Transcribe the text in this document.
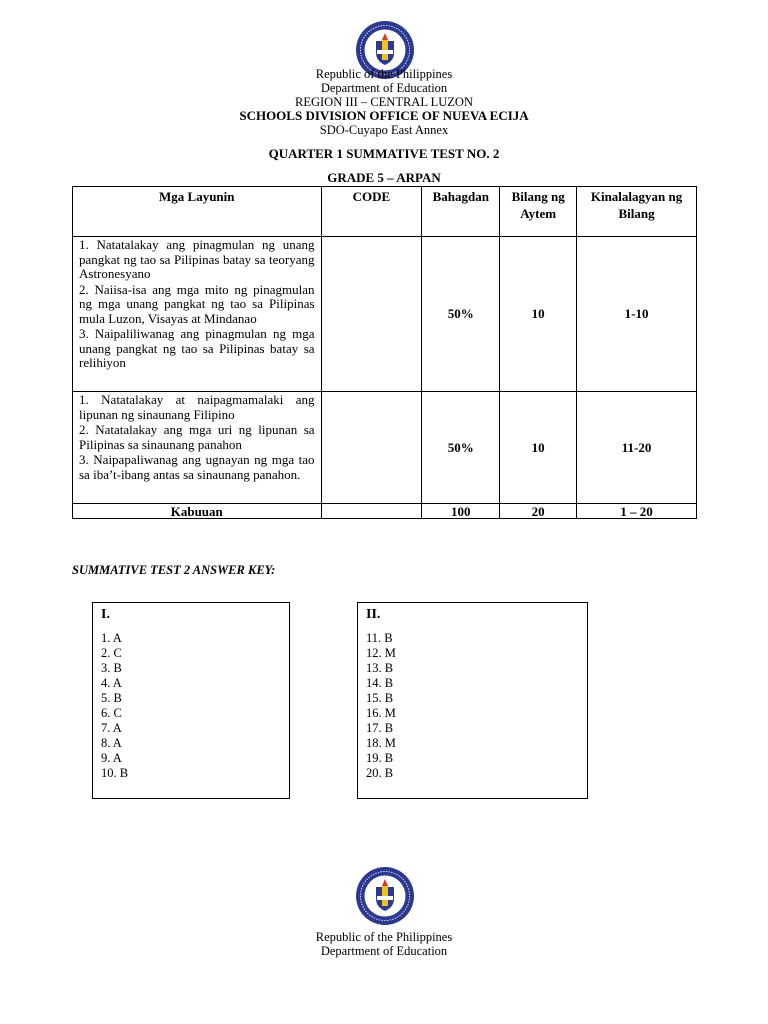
Republic of the Philippines
Department of Education
REGION III – CENTRAL LUZON
SCHOOLS DIVISION OFFICE OF NUEVA ECIJA
SDO-Cuyapo East Annex
QUARTER 1 SUMMATIVE TEST NO. 2
GRADE 5 – ARPAN
Mga Layunin	CODE	Bahagdan	Bilang ng Aytem	Kinalalagyan ng Bilang

1. Natatalakay ang pinagmulan ng unang pangkat ng tao sa Pilipinas batay sa teoryang Astronesyano

2. Naiisa-isa ang mga mito ng pinagmulan ng mga unang pangkat ng tao sa Pilipinas mula Luzon, Visayas at Mindanao

3. Naipaliliwanag ang pinagmulan ng mga unang pangkat ng tao sa Pilipinas batay sa relihiyon		50%	10	1-10

1. Natatalakay at naipagmamalaki ang lipunan ng sinaunang Filipino

2. Natatalakay ang mga uri ng lipunan sa Pilipinas sa sinaunang panahon

3. Naipapaliwanag ang ugnayan ng mga tao sa iba’t-ibang antas sa sinaunang panahon.		50%	10	11-20
Kabuuan		100	20	1 – 20
SUMMATIVE TEST 2 ANSWER KEY:
I.
1. A
2. C
3. B
4. A
5. B
6. C
7. A
8. A
9. A
10. B
II.
11. B
12. M
13. B
14. B
15. B
16. M
17. B
18. M
19. B
20. B
Republic of the Philippines
Department of Education
